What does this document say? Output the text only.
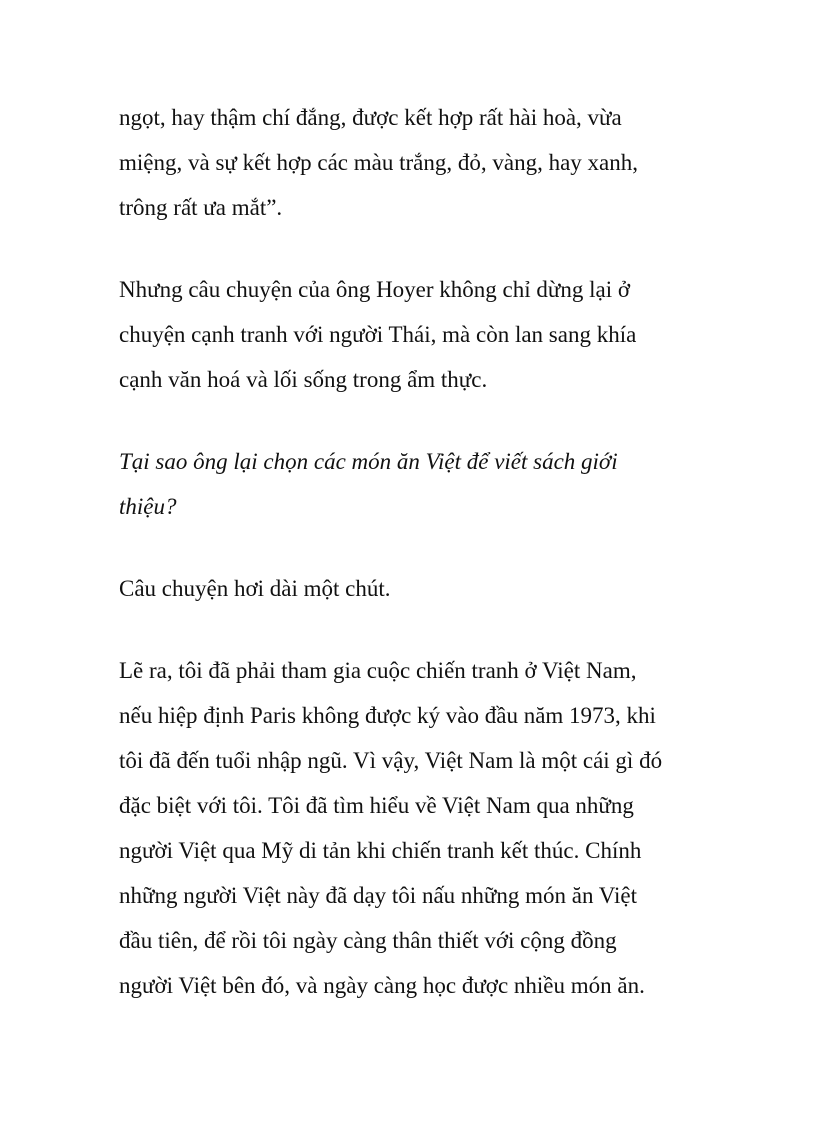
ngọt, hay thậm chí đắng, được kết hợp rất hài hoà, vừa
miệng, và sự kết hợp các màu trắng, đỏ, vàng, hay xanh,
trông rất ưa mắt”.

Nhưng câu chuyện của ông Hoyer không chỉ dừng lại ở
chuyện cạnh tranh với người Thái, mà còn lan sang khía
cạnh văn hoá và lối sống trong ẩm thực.

Tại sao ông lại chọn các món ăn Việt để viết sách giới
thiệu?

Câu chuyện hơi dài một chút.

Lẽ ra, tôi đã phải tham gia cuộc chiến tranh ở Việt Nam,
nếu hiệp định Paris không được ký vào đầu năm 1973, khi
tôi đã đến tuổi nhập ngũ. Vì vậy, Việt Nam là một cái gì đó
đặc biệt với tôi. Tôi đã tìm hiểu về Việt Nam qua những
người Việt qua Mỹ di tản khi chiến tranh kết thúc. Chính
những người Việt này đã dạy tôi nấu những món ăn Việt
đầu tiên, để rồi tôi ngày càng thân thiết với cộng đồng
người Việt bên đó, và ngày càng học được nhiều món ăn.
